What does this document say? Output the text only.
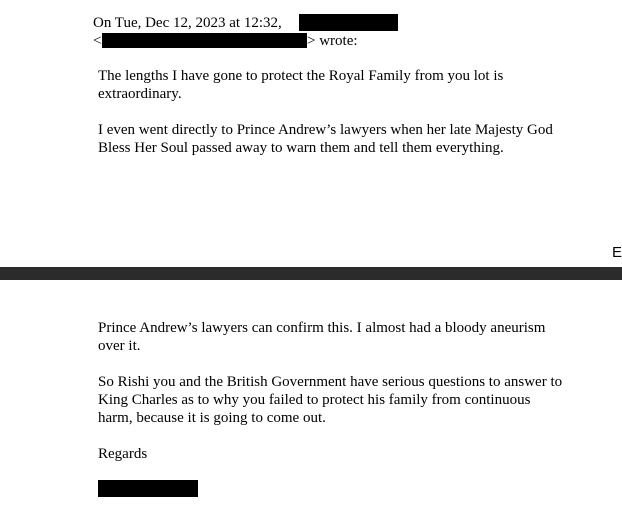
On Tue, Dec 12, 2023 at 12:32,
<	> wrote:
The lengths I have gone to protect the Royal Family from you lot is extraordinary.
I even went directly to Prince Andrew’s lawyers when her late Majesty God Bless Her Soul passed away to warn them and tell them everything.
E
Prince Andrew’s lawyers can confirm this. I almost had a bloody aneurism over it.
So Rishi you and the British Government have serious questions to answer to King Charles as to why you failed to protect his family from continuous harm, because it is going to come out.
Regards
